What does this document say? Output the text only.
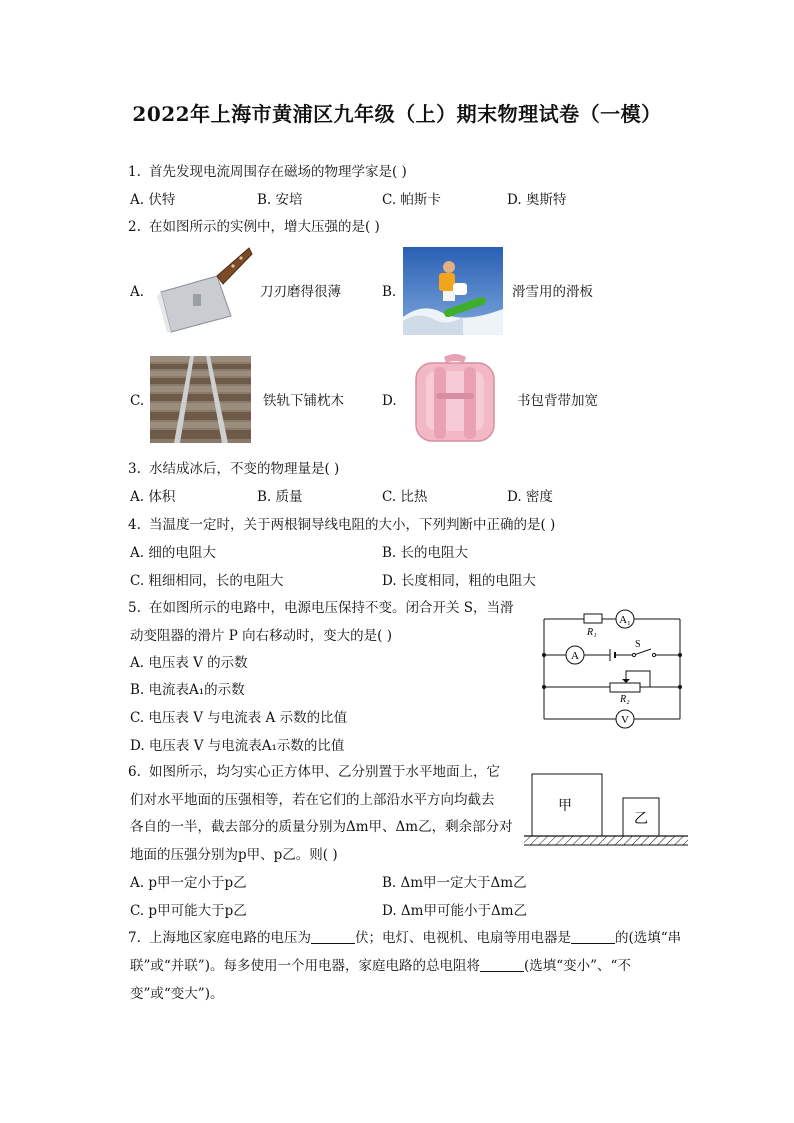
2022年上海市黄浦区九年级（上）期末物理试卷（一模）
1. 首先发现电流周围存在磁场的物理学家是( )
A. 伏特	B. 安培	C. 帕斯卡	D. 奥斯特
2. 在如图所示的实例中，增大压强的是( )
A.	刀刃磨得很薄	B.	滑雪用的滑板
C.	铁轨下铺枕木	D.	书包背带加宽
3. 水结成冰后，不变的物理量是( )
A. 体积	B. 质量	C. 比热	D. 密度
4. 当温度一定时，关于两根铜导线电阻的大小，下列判断中正确的是( )
A. 细的电阻大	B. 长的电阻大
C. 粗细相同，长的电阻大	D. 长度相同，粗的电阻大
5. 在如图所示的电路中，电源电压保持不变。闭合开关 S，当滑
动变阻器的滑片 P 向右移动时，变大的是( )
A. 电压表 V 的示数
B. 电流表A₁的示数
C. 电压表 V 与电流表 A 示数的比值
D. 电压表 V 与电流表A₁示数的比值
A₁
A
V
R₁
R₂
S
6. 如图所示，均匀实心正方体甲、乙分别置于水平地面上，它
们对水平地面的压强相等，若在它们的上部沿水平方向均截去
各自的一半，截去部分的质量分别为Δm甲、Δm乙，剩余部分对
地面的压强分别为p甲、p乙。则( )
A. p甲一定小于p乙	B. Δm甲一定大于Δm乙
C. p甲可能大于p乙	D. Δm甲可能小于Δm乙
甲
乙
7. 上海地区家庭电路的电压为	伏；电灯、电视机、电扇等用电器是	的(选填“串
联”或“并联”)。每多使用一个用电器，家庭电路的总电阻将	(选填“变小”、“不
变”或“变大”)。
